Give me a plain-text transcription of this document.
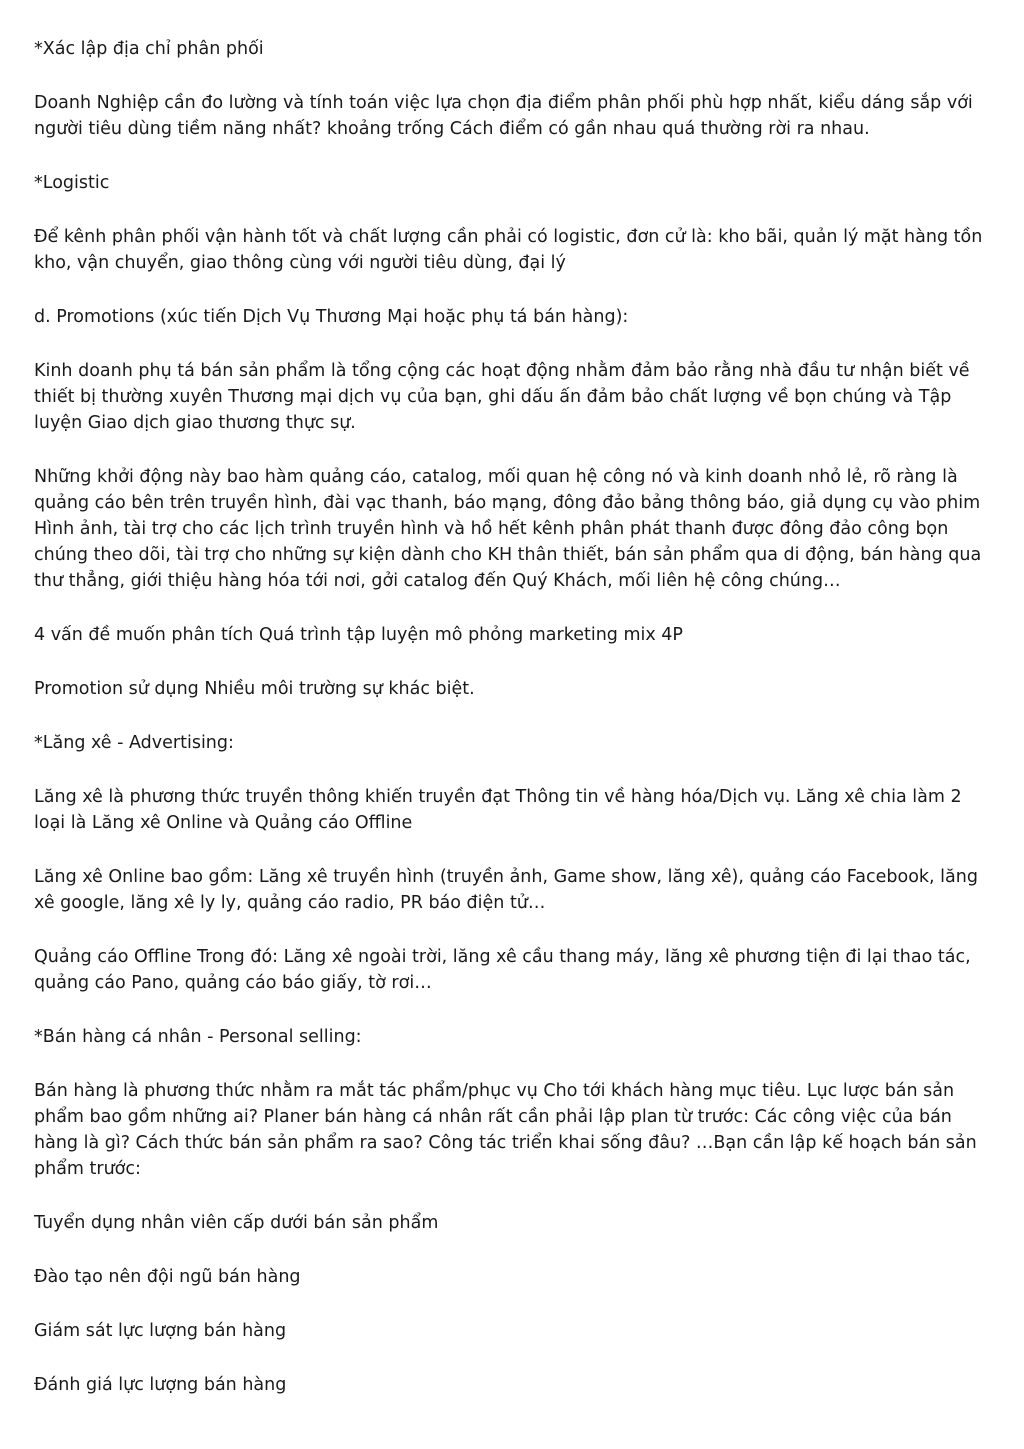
*Xác lập địa chỉ phân phối

Doanh Nghiệp cần đo lường và tính toán việc lựa chọn địa điểm phân phối phù hợp nhất, kiểu dáng sắp với người tiêu dùng tiềm năng nhất? khoảng trống Cách điểm có gần nhau quá thường rời ra nhau.

*Logistic

Để kênh phân phối vận hành tốt và chất lượng cần phải có logistic, đơn cử là: kho bãi, quản lý mặt hàng tồn kho, vận chuyển, giao thông cùng với người tiêu dùng, đại lý

d. Promotions (xúc tiến Dịch Vụ Thương Mại hoặc phụ tá bán hàng):

Kinh doanh phụ tá bán sản phẩm là tổng cộng các hoạt động nhằm đảm bảo rằng nhà đầu tư nhận biết về thiết bị thường xuyên Thương mại dịch vụ của bạn, ghi dấu ấn đảm bảo chất lượng về bọn chúng và Tập luyện Giao dịch giao thương thực sự.

Những khởi động này bao hàm quảng cáo, catalog, mối quan hệ công nó và kinh doanh nhỏ lẻ, rõ ràng là quảng cáo bên trên truyền hình, đài vạc thanh, báo mạng, đông đảo bảng thông báo, giả dụng cụ vào phim Hình ảnh, tài trợ cho các lịch trình truyền hình và hồ hết kênh phân phát thanh được đông đảo công bọn chúng theo dõi, tài trợ cho những sự kiện dành cho KH thân thiết, bán sản phẩm qua di động, bán hàng qua thư thẳng, giới thiệu hàng hóa tới nơi, gởi catalog đến Quý Khách, mối liên hệ công chúng…

4 vấn đề muốn phân tích Quá trình tập luyện mô phỏng marketing mix 4P

Promotion sử dụng Nhiều môi trường sự khác biệt.

*Lăng xê - Advertising:

Lăng xê là phương thức truyền thông khiến truyền đạt Thông tin về hàng hóa/Dịch vụ. Lăng xê chia làm 2 loại là Lăng xê Online và Quảng cáo Offline

Lăng xê Online bao gồm: Lăng xê truyền hình (truyền ảnh, Game show, lăng xê), quảng cáo Facebook, lăng xê google, lăng xê ly ly, quảng cáo radio, PR báo điện tử…

Quảng cáo Offline Trong đó: Lăng xê ngoài trời, lăng xê cầu thang máy, lăng xê phương tiện đi lại thao tác, quảng cáo Pano, quảng cáo báo giấy, tờ rơi…

*Bán hàng cá nhân - Personal selling:

Bán hàng là phương thức nhằm ra mắt tác phẩm/phục vụ Cho tới khách hàng mục tiêu. Lục lược bán sản phẩm bao gồm những ai? Planer bán hàng cá nhân rất cần phải lập plan từ trước: Các công việc của bán hàng là gì? Cách thức bán sản phẩm ra sao? Công tác triển khai sống đâu? …Bạn cần lập kế hoạch bán sản phẩm trước:

Tuyển dụng nhân viên cấp dưới bán sản phẩm

Đào tạo nên đội ngũ bán hàng

Giám sát lực lượng bán hàng

Đánh giá lực lượng bán hàng
